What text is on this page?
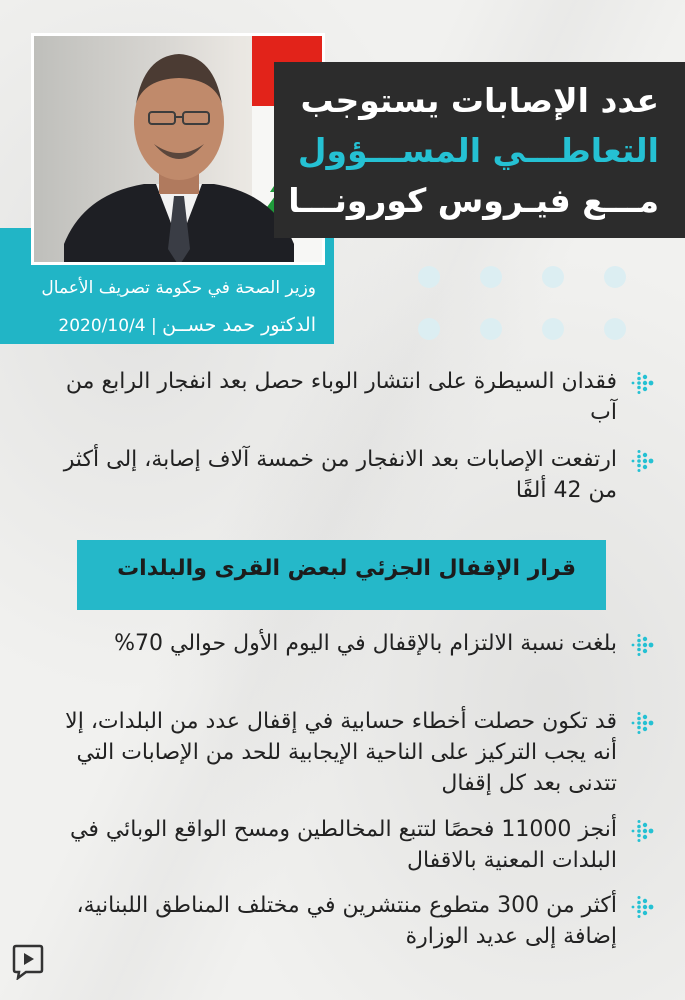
عدد الإصابات يستوجب
التعاطـــي المســـؤول
مـــع فيـروس كورونـــا
وزير الصحة في حكومة تصريف الأعمال
الدكتور حمد حســن | 2020/10/4
فقدان السيطرة على انتشار الوباء حصل بعد انفجار الرابع من آب
ارتفعت الإصابات بعد الانفجار من خمسة آلاف إصابة، إلى أكثر من 42 ألفًا
قرار الإقفال الجزئي لبعض القرى والبلدات
بلغت نسبة الالتزام بالإقفال في اليوم الأول حوالي 70%
قد تكون حصلت أخطاء حسابية في إقفال عدد من البلدات، إلا أنه يجب التركيز على الناحية الإيجابية للحد من الإصابات التي تتدنى بعد كل إقفال
أنجز 11000 فحصًا لتتبع المخالطين ومسح الواقع الوبائي في البلدات المعنية بالاقفال
أكثر من 300 متطوع منتشرين في مختلف المناطق اللبنانية، إضافة إلى عديد الوزارة
